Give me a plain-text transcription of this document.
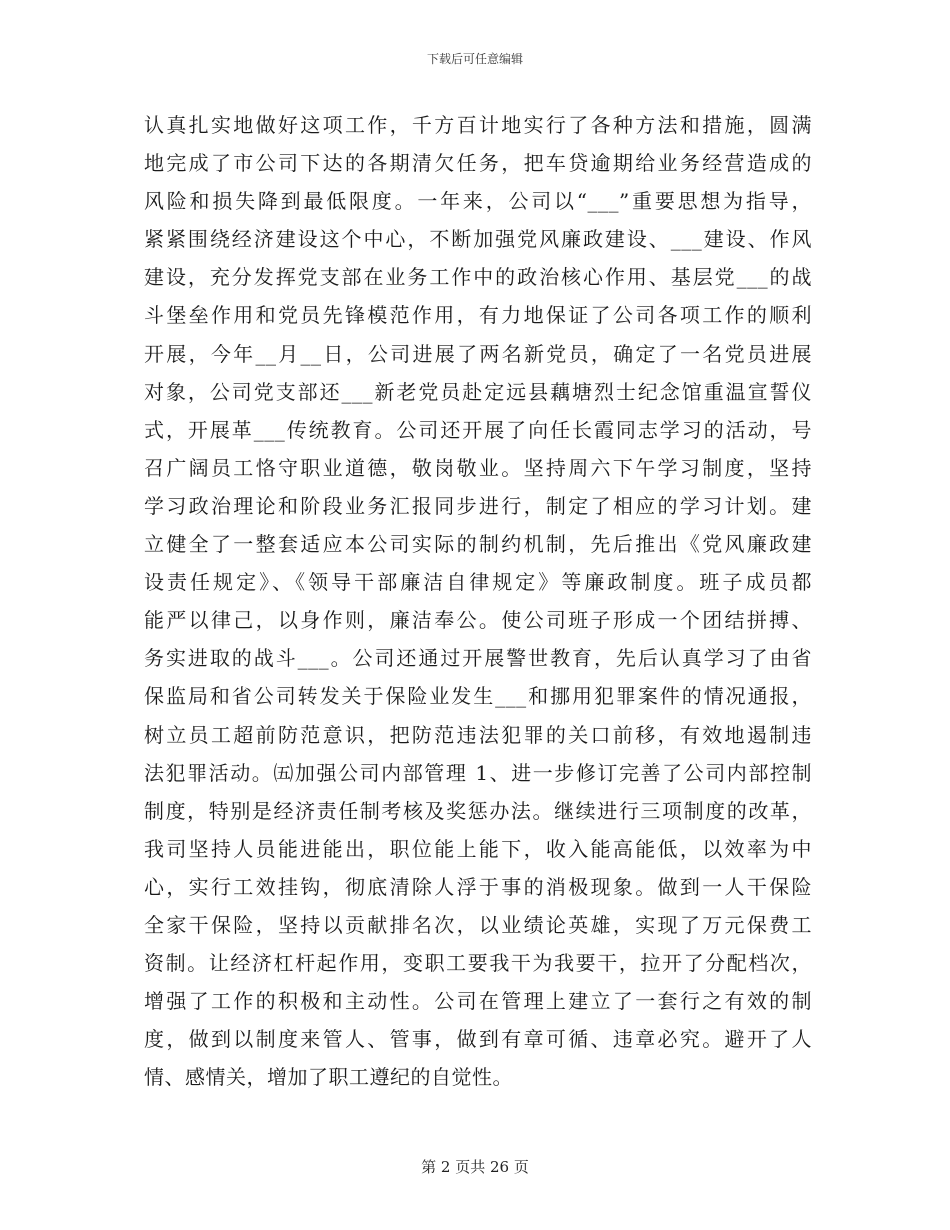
下载后可任意编辑
认真扎实地做好这项工作，千方百计地实行了各种方法和措施，圆满
地完成了市公司下达的各期清欠任务，把车贷逾期给业务经营造成的
风险和损失降到最低限度。一年来，公司以“___”重要思想为指导，
紧紧围绕经济建设这个中心，不断加强党风廉政建设、___建设、作风
建设，充分发挥党支部在业务工作中的政治核心作用、基层党___的战
斗堡垒作用和党员先锋模范作用，有力地保证了公司各项工作的顺利
开展，今年__月__日，公司进展了两名新党员，确定了一名党员进展
对象，公司党支部还___新老党员赴定远县藕塘烈士纪念馆重温宣誓仪
式，开展革___传统教育。公司还开展了向任长霞同志学习的活动，号
召广阔员工恪守职业道德，敬岗敬业。坚持周六下午学习制度，坚持
学习政治理论和阶段业务汇报同步进行，制定了相应的学习计划。建
立健全了一整套适应本公司实际的制约机制，先后推出《党风廉政建
设责任规定》、《领导干部廉洁自律规定》等廉政制度。班子成员都
能严以律己，以身作则，廉洁奉公。使公司班子形成一个团结拼搏、
务实进取的战斗___。公司还通过开展警世教育，先后认真学习了由省
保监局和省公司转发关于保险业发生___和挪用犯罪案件的情况通报，
树立员工超前防范意识，把防范违法犯罪的关口前移，有效地遏制违
法犯罪活动。㈤加强公司内部管理 1、进一步修订完善了公司内部控制
制度，特别是经济责任制考核及奖惩办法。继续进行三项制度的改革，
我司坚持人员能进能出，职位能上能下，收入能高能低，以效率为中
心，实行工效挂钩，彻底清除人浮于事的消极现象。做到一人干保险
全家干保险，坚持以贡献排名次，以业绩论英雄，实现了万元保费工
资制。让经济杠杆起作用，变职工要我干为我要干，拉开了分配档次，
增强了工作的积极和主动性。公司在管理上建立了一套行之有效的制
度，做到以制度来管人、管事，做到有章可循、违章必究。避开了人
情、感情关，增加了职工遵纪的自觉性。
第 2 页共 26 页
